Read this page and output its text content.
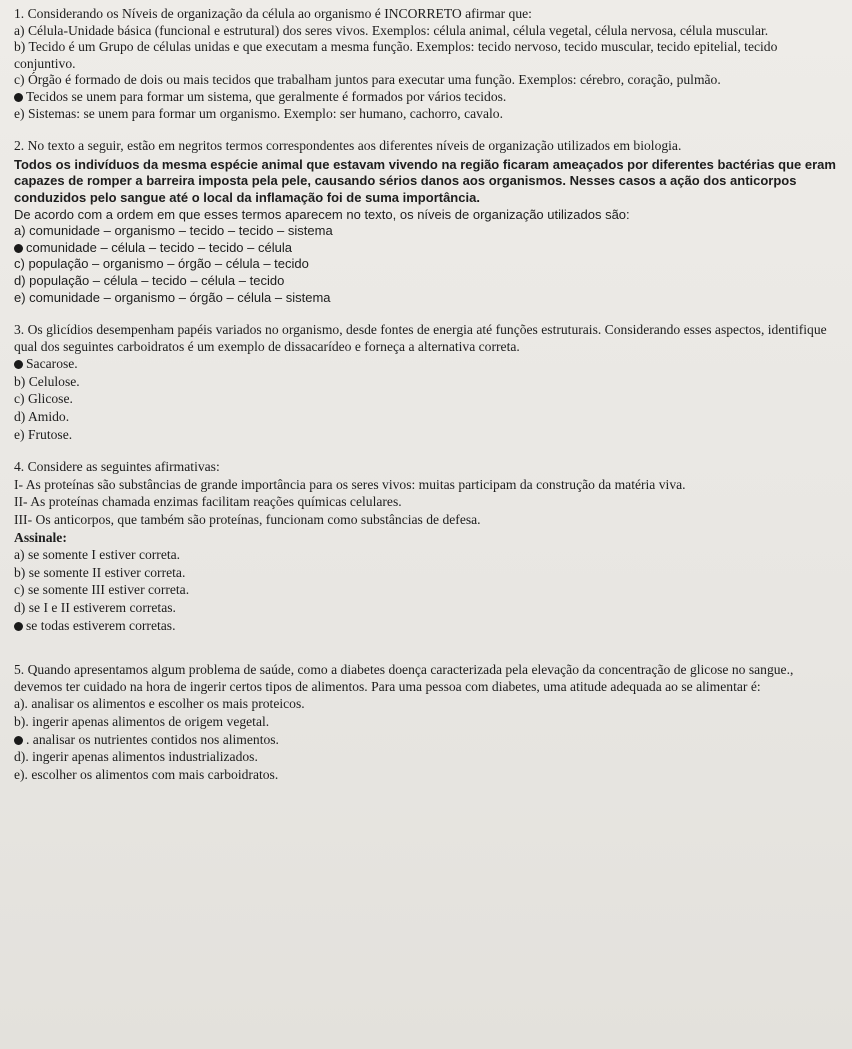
1. Considerando os Níveis de organização da célula ao organismo é INCORRETO afirmar que:

a) Célula-Unidade básica (funcional e estrutural) dos seres vivos. Exemplos: célula animal, célula vegetal, célula nervosa, célula muscular.

b) Tecido é um Grupo de células unidas e que executam a mesma função. Exemplos: tecido nervoso, tecido muscular, tecido epitelial, tecido conjuntivo.

c) Órgão é formado de dois ou mais tecidos que trabalham juntos para executar uma função. Exemplos: cérebro, coração, pulmão.

Tecidos se unem para formar um sistema, que geralmente é formados por vários tecidos.

e) Sistemas: se unem para formar um organismo. Exemplo: ser humano, cachorro, cavalo.

2. No texto a seguir, estão em negritos termos correspondentes aos diferentes níveis de organização utilizados em biologia.

Todos os indivíduos da mesma espécie animal que estavam vivendo na região ficaram ameaçados por diferentes bactérias que eram capazes de romper a barreira imposta pela pele, causando sérios danos aos organismos. Nesses casos a ação dos anticorpos conduzidos pelo sangue até o local da inflamação foi de suma importância.

De acordo com a ordem em que esses termos aparecem no texto, os níveis de organização utilizados são:

a) comunidade – organismo – tecido – tecido – sistema

comunidade – célula – tecido – tecido – célula

c) população – organismo – órgão – célula – tecido

d) população – célula – tecido – célula – tecido

e) comunidade – organismo – órgão – célula – sistema

3. Os glicídios desempenham papéis variados no organismo, desde fontes de energia até funções estruturais. Considerando esses aspectos, identifique qual dos seguintes carboidratos é um exemplo de dissacarídeo e forneça a alternativa correta.

Sacarose.

b) Celulose.

c) Glicose.

d) Amido.

e) Frutose.

4. Considere as seguintes afirmativas:

I- As proteínas são substâncias de grande importância para os seres vivos: muitas participam da construção da matéria viva.

II- As proteínas chamada enzimas facilitam reações químicas celulares.

III- Os anticorpos, que também são proteínas, funcionam como substâncias de defesa.

Assinale:

a) se somente I estiver correta.

b) se somente II estiver correta.

c) se somente III estiver correta.

d) se I e II estiverem corretas.

se todas estiverem corretas.

5. Quando apresentamos algum problema de saúde, como a diabetes doença caracterizada pela elevação da concentração de glicose no sangue., devemos ter cuidado na hora de ingerir certos tipos de alimentos. Para uma pessoa com diabetes, uma atitude adequada ao se alimentar é:

a). analisar os alimentos e escolher os mais proteicos.

b). ingerir apenas alimentos de origem vegetal.

. analisar os nutrientes contidos nos alimentos.

d). ingerir apenas alimentos industrializados.

e). escolher os alimentos com mais carboidratos.
